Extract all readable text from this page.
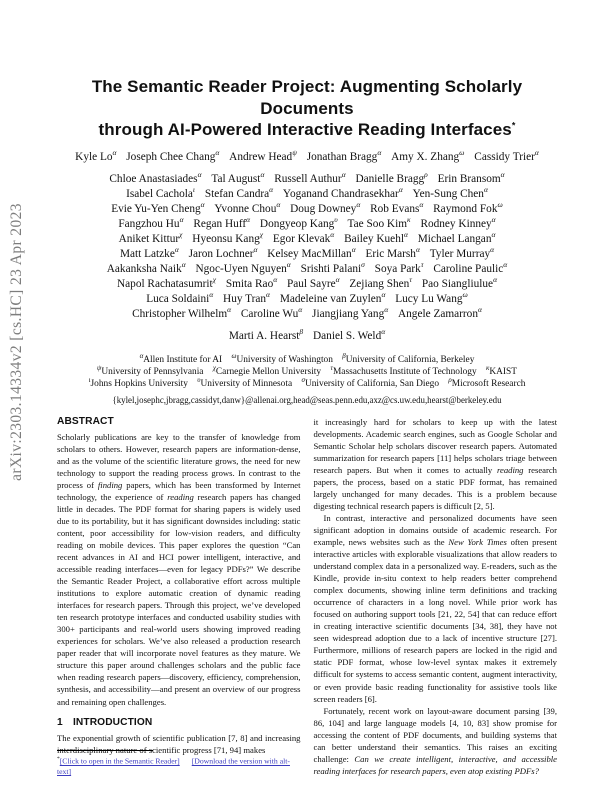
arXiv:2303.14334v2 [cs.HC] 23 Apr 2023
The Semantic Reader Project: Augmenting Scholarly Documents
through AI-Powered Interactive Reading Interfaces*
Kyle $Lo^\alpha$ Joseph Chee Chang$^\alpha$ Andrew Head$^\psi$ Jonathan Bragg$^\alpha$ Amy X. Zhang$^\omega$ Cassidy Trier$^\alpha$
Chloe Anastasiades$^\alpha$ Tal August$^\alpha$ Russell Authur$^\alpha$ Danielle Bragg$^\rho$ Erin Bransom$^\alpha$
Isabel Cachola$^\iota$ Stefan Candra$^\alpha$ Yoganand Chandrasekhar$^\alpha$ Yen-Sung Chen$^\alpha$
Evie Yu-Yen Cheng$^\alpha$ Yvonne Chou$^\alpha$ Doug Downey$^\alpha$ Rob Evans$^\alpha$ Raymond Fok$^\omega$
Fangzhou $Hu^\alpha$ Regan Huff$^\alpha$ Dongyeop Kang$^\upsilon$ Tae Soo Kim$^\kappa$ Rodney Kinney$^\alpha$
Aniket Kittur$^\chi$ Hyeonsu Kang$^\chi$ Egor Klevak$^\alpha$ Bailey Kuehl$^\alpha$ Michael Langan$^\alpha$
Matt Latzke$^\alpha$ Jaron Lochner$^\alpha$ Kelsey MacMillan$^\alpha$ Eric Marsh$^\alpha$ Tyler Murray$^\alpha$
Aakanksha Naik$^\alpha$ Ngoc-Uyen Nguyen$^\alpha$ Srishti Palani$^\sigma$ Soya Park$^\tau$ Caroline Paulic$^\alpha$
Napol Rachatasumrit$^\chi$ Smita Rao$^\alpha$ Paul Sayre$^\alpha$ Zejiang Shen$^\tau$ Pao Siangliulue$^\alpha$
Luca Soldaini$^\alpha$ Huy Tran$^\alpha$ Madeleine van Zuylen$^\alpha$ Lucy Lu Wang$^\omega$
Christopher Wilhelm$^\alpha$ Caroline $Wu^\alpha$ Jiangjiang Yang$^\alpha$ Angele Zamarron$^\alpha$
Marti A. Hearst$^\beta$ Daniel S. Weld$^\alpha$
$^\alpha$Allen Institute for AI $^\omega$University of Washington $^\beta$University of California, Berkeley
$^\psi$University of Pennsylvania $^\chi$Carnegie Mellon University $^\tau$Massachusetts Institute of Technology $^\kappa$KAIST
$^\iota$Johns Hopkins University $^\upsilon$University of Minnesota $^\sigma$University of California, San Diego $^\rho$Microsoft Research
{kylel,josephc,jbragg,cassidyt,danw}@allenai.org,head@seas.penn.edu,axz@cs.uw.edu,hearst@berkeley.edu
ABSTRACT

Scholarly publications are key to the transfer of knowledge from scholars to others. However, research papers are information-dense, and as the volume of the scientific literature grows, the need for new technology to support the reading process grows. In contrast to the process of finding papers, which has been transformed by Internet technology, the experience of reading research papers has changed little in decades. The PDF format for sharing papers is widely used due to its portability, but it has significant downsides including: static content, poor accessibility for low-vision readers, and difficulty reading on mobile devices. This paper explores the question “Can recent advances in AI and HCI power intelligent, interactive, and accessible reading interfaces—even for legacy PDFs?” We describe the Semantic Reader Project, a collaborative effort across multiple institutions to explore automatic creation of dynamic reading interfaces for research papers. Through this project, we’ve developed ten research prototype interfaces and conducted usability studies with 300+ participants and real-world users showing improved reading experiences for scholars. We’ve also released a production research paper reader that will incorporate novel features as they mature. We structure this paper around challenges scholars and the public face when reading research papers—discovery, efficiency, comprehension, synthesis, and accessibility—and present an overview of our progress and remaining open challenges.

1 INTRODUCTION

The exponential growth of scientific publication [7, 8] and increasing interdisciplinary nature of scientific progress [71, 94] makes

*[Click to open in the Semantic Reader] [Download the version with alt-text]

it increasingly hard for scholars to keep up with the latest developments. Academic search engines, such as Google Scholar and Semantic Scholar help scholars discover research papers. Automated summarization for research papers [11] helps scholars triage between research papers. But when it comes to actually reading research papers, the process, based on a static PDF format, has remained largely unchanged for many decades. This is a problem because digesting technical research papers is difficult [2, 5].

In contrast, interactive and personalized documents have seen significant adoption in domains outside of academic research. For example, news websites such as the New York Times often present interactive articles with explorable visualizations that allow readers to understand complex data in a personalized way. E-readers, such as the Kindle, provide in-situ context to help readers better comprehend complex documents, showing inline term definitions and tracking occurrence of characters in a long novel. While prior work has focused on authoring support tools [21, 22, 54] that can reduce effort in creating interactive scientific documents [34, 38], they have not seen widespread adoption due to a lack of incentive structure [27]. Furthermore, millions of research papers are locked in the rigid and static PDF format, whose low-level syntax makes it extremely difficult for systems to access semantic content, augment interactivity, or even provide basic reading functionality for assistive tools like screen readers [6].

Fortunately, recent work on layout-aware document parsing [39, 86, 104] and large language models [4, 10, 83] show promise for accessing the content of PDF documents, and building systems that can better understand their semantics. This raises an exciting challenge: Can we create intelligent, interactive, and accessible reading interfaces for research papers, even atop existing PDFs?
